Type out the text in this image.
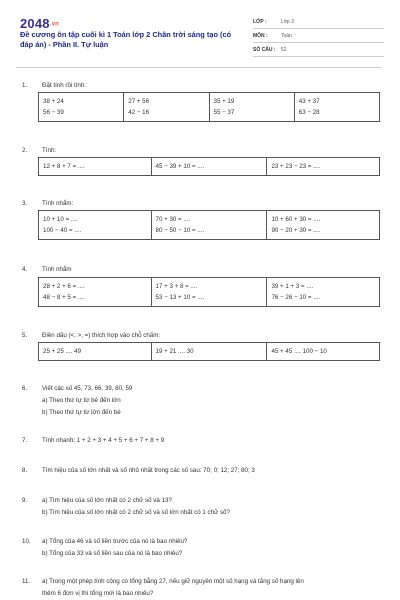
2048.vn
Đề cương ôn tập cuối kì 1 Toán lớp 2 Chân trời sáng tạo (có đáp án) - Phần II. Tự luận
LỚP :	Lớp 2
MÔN :	Toán
SỐ CÂU :	52
1.	Đặt tính rồi tính:
38 + 24
56 − 39

27 + 56
42 − 16

35 + 19
55 − 37

43 + 37
63 − 28
2.	Tính:
12 + 8 + 7 = ....	45 − 39 + 10 = ....	23 + 23 − 23 = ....
3.	Tính nhẩm:
10 + 10 = ....
100 − 40 = ....

70 + 30 = ....
80 − 50 − 10 = ....

10 + 60 + 30 = ....
90 − 20 + 30 = ....
4.	Tính nhẩm
28 + 2 + 6 = ....
48 − 8 + 5 = ....

17 + 3 + 8 = ....
53 − 13 + 10 = ....

39 + 1 + 3 = ....
76 − 26 − 10 = ....
5.	Điền dấu (<, >, =) thích hợp vào chỗ chấm:
25 + 25 .... 49	19 + 21 .... 30	45 + 45 .... 100 − 10
6.	Viết các số 45, 73, 66, 39, 80, 59
a) Theo thứ tự từ bé đến lớn
b) Theo thứ tự từ lớn đến bé
7.	Tính nhanh: 1 + 2 + 3 + 4 + 5 + 6 + 7 + 8 + 9
8.	Tìm hiệu của số lớn nhất và số nhỏ nhất trong các số sau: 70; 0; 12; 27; 80; 3
9.	a) Tìm hiệu của số lớn nhất có 2 chữ số và 13?
b) Tìm hiệu của số lớn nhất có 2 chữ số và số lớn nhất có 1 chữ số?
10.	a) Tổng của 46 và số liền trước của nó là bao nhiêu?
b) Tổng của 33 và số liền sau của nó là bao nhiêu?
11.	a) Trong một phép tính cộng có tổng bằng 27, nếu giữ nguyên một số hạng và tăng số hạng lên
thêm 6 đơn vị thì tổng mới là bao nhiêu?
